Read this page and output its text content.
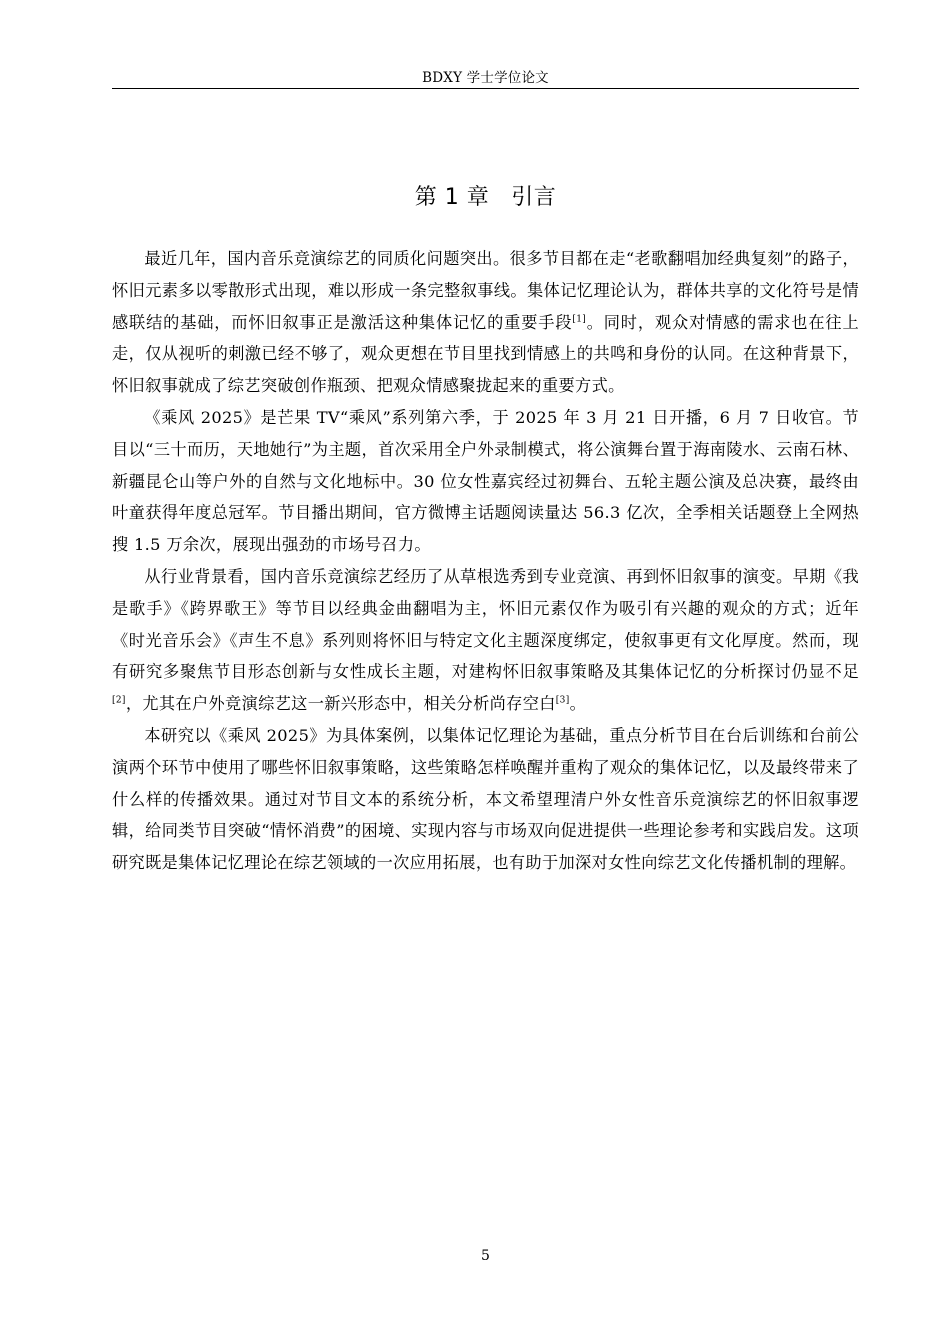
BDXY 学士学位论文
第 1 章 引言

最近几年，国内音乐竞演综艺的同质化问题突出。很多节目都在走“老歌翻唱加经典复刻”的路子，怀旧元素多以零散形式出现，难以形成一条完整叙事线。集体记忆理论认为，群体共享的文化符号是情感联结的基础，而怀旧叙事正是激活这种集体记忆的重要手段[1]。同时，观众对情感的需求也在往上走，仅从视听的刺激已经不够了，观众更想在节目里找到情感上的共鸣和身份的认同。在这种背景下，怀旧叙事就成了综艺突破创作瓶颈、把观众情感聚拢起来的重要方式。

《乘风 2025》是芒果 TV“乘风”系列第六季，于 2025 年 3 月 21 日开播，6 月 7 日收官。节目以“三十而历，天地她行”为主题，首次采用全户外录制模式，将公演舞台置于海南陵水、云南石林、新疆昆仑山等户外的自然与文化地标中。30 位女性嘉宾经过初舞台、五轮主题公演及总决赛，最终由叶童获得年度总冠军。节目播出期间，官方微博主话题阅读量达 56.3 亿次，全季相关话题登上全网热搜 1.5 万余次，展现出强劲的市场号召力。

从行业背景看，国内音乐竞演综艺经历了从草根选秀到专业竞演、再到怀旧叙事的演变。早期《我是歌手》《跨界歌王》等节目以经典金曲翻唱为主，怀旧元素仅作为吸引有兴趣的观众的方式；近年《时光音乐会》《声生不息》系列则将怀旧与特定文化主题深度绑定，使叙事更有文化厚度。然而，现有研究多聚焦节目形态创新与女性成长主题，对建构怀旧叙事策略及其集体记忆的分析探讨仍显不足[2]，尤其在户外竞演综艺这一新兴形态中，相关分析尚存空白[3]。

本研究以《乘风 2025》为具体案例，以集体记忆理论为基础，重点分析节目在台后训练和台前公演两个环节中使用了哪些怀旧叙事策略，这些策略怎样唤醒并重构了观众的集体记忆，以及最终带来了什么样的传播效果。通过对节目文本的系统分析，本文希望理清户外女性音乐竞演综艺的怀旧叙事逻辑，给同类节目突破“情怀消费”的困境、实现内容与市场双向促进提供一些理论参考和实践启发。这项研究既是集体记忆理论在综艺领域的一次应用拓展，也有助于加深对女性向综艺文化传播机制的理解。

5
